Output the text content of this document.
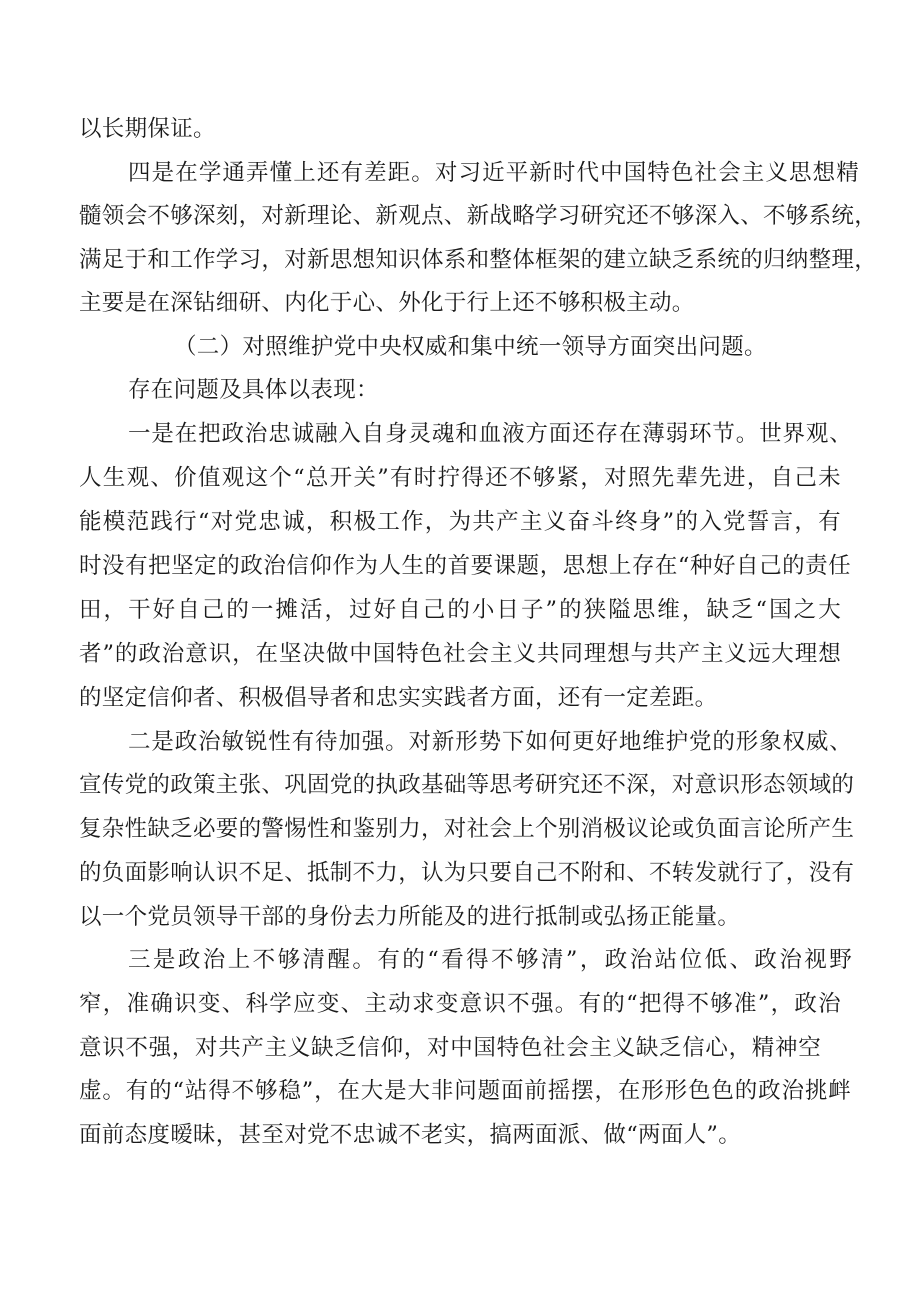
以长期保证。
四是在学通弄懂上还有差距。对习近平新时代中国特色社会主义思想精
髓领会不够深刻，对新理论、新观点、新战略学习研究还不够深入、不够系统，
满足于和工作学习，对新思想知识体系和整体框架的建立缺乏系统的归纳整理，
主要是在深钻细研、内化于心、外化于行上还不够积极主动。
（二）对照维护党中央权威和集中统一领导方面突出问题。
存在问题及具体以表现：
一是在把政治忠诚融入自身灵魂和血液方面还存在薄弱环节。世界观、
人生观、价值观这个“总开关”有时拧得还不够紧，对照先辈先进，自己未
能模范践行“对党忠诚，积极工作，为共产主义奋斗终身”的入党誓言，有
时没有把坚定的政治信仰作为人生的首要课题，思想上存在“种好自己的责任
田，干好自己的一摊活，过好自己的小日子”的狭隘思维，缺乏“国之大
者”的政治意识，在坚决做中国特色社会主义共同理想与共产主义远大理想
的坚定信仰者、积极倡导者和忠实实践者方面，还有一定差距。
二是政治敏锐性有待加强。对新形势下如何更好地维护党的形象权威、
宣传党的政策主张、巩固党的执政基础等思考研究还不深，对意识形态领域的
复杂性缺乏必要的警惕性和鉴别力，对社会上个别消极议论或负面言论所产生
的负面影响认识不足、抵制不力，认为只要自己不附和、不转发就行了，没有
以一个党员领导干部的身份去力所能及的进行抵制或弘扬正能量。
三是政治上不够清醒。有的“看得不够清”，政治站位低、政治视野
窄，准确识变、科学应变、主动求变意识不强。有的“把得不够准”，政治
意识不强，对共产主义缺乏信仰，对中国特色社会主义缺乏信心，精神空
虚。有的“站得不够稳”，在大是大非问题面前摇摆，在形形色色的政治挑衅
面前态度暧昧，甚至对党不忠诚不老实，搞两面派、做“两面人”。
